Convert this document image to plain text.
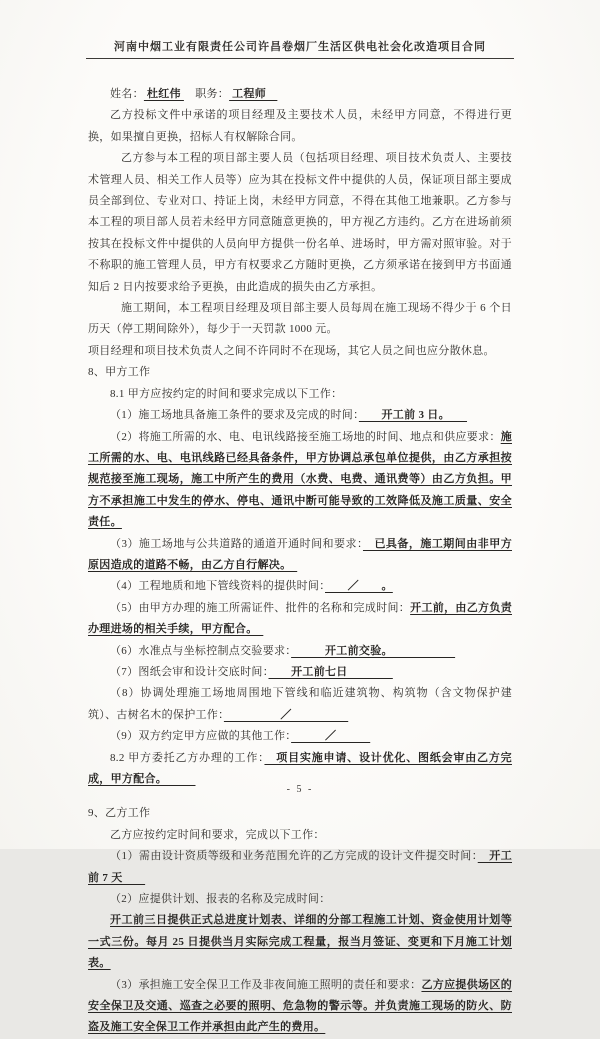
河南中烟工业有限责任公司许昌卷烟厂生活区供电社会化改造项目合同

姓名： 杜红伟 　职务： 工程师　

乙方投标文件中承诺的项目经理及主要技术人员，未经甲方同意，不得进行更换，如果擅自更换，招标人有权解除合同。

乙方参与本工程的项目部主要人员（包括项目经理、项目技术负责人、主要技术管理人员、相关工作人员等）应为其在投标文件中提供的人员，保证项目部主要成员全部到位、专业对口、持证上岗，未经甲方同意，不得在其他工地兼职。乙方参与本工程的项目部人员若未经甲方同意随意更换的，甲方视乙方违约。乙方在进场前须按其在投标文件中提供的人员向甲方提供一份名单、进场时，甲方需对照审验。对于不称职的施工管理人员，甲方有权要求乙方随时更换，乙方须承诺在接到甲方书面通知后 2 日内按要求给予更换，由此造成的损失由乙方承担。

施工期间，本工程项目经理及项目部主要人员每周在施工现场不得少于 6 个日历天（停工期间除外），每少于一天罚款 1000 元。

项目经理和项目技术负责人之间不许同时不在现场，其它人员之间也应分散休息。

8、甲方工作

8.1 甲方应按约定的时间和要求完成以下工作：

（1）施工场地具备施工条件的要求及完成的时间：　　开工前 3 日。　　

（2）将施工所需的水、电、电讯线路接至施工场地的时间、地点和供应要求：施工所需的水、电、电讯线路已经具备条件，甲方协调总承包单位提供，由乙方承担按规范接至施工现场，施工中所产生的费用（水费、电费、通讯费等）由乙方负担。甲方不承担施工中发生的停水、停电、通讯中断可能导致的工效降低及施工质量、安全责任。

（3）施工场地与公共道路的通道开通时间和要求：　已具备，施工期间由非甲方原因造成的道路不畅，由乙方自行解决。　

（4）工程地质和地下管线资料的提供时间：　　／　　。

（5）由甲方办理的施工所需证件、批件的名称和完成时间：开工前，由乙方负责办理进场的相关手续，甲方配合。　

（6）水准点与坐标控制点交验要求：　　　开工前交验。　　　　　　

（7）图纸会审和设计交底时间：　　开工前七日　　　　

（8）协调处理施工场地周围地下管线和临近建筑物、构筑物（含文物保护建筑）、古树名木的保护工作：　　　　　／　　　　　

（9）双方约定甲方应做的其他工作：　　　／　　　

8.2 甲方委托乙方办理的工作：　项目实施申请、设计优化、图纸会审由乙方完成，甲方配合。　　　

9、乙方工作

乙方应按约定时间和要求，完成以下工作：

（1）需由设计资质等级和业务范围允许的乙方完成的设计文件提交时间：　开工前 7 天　　

（2）应提供计划、报表的名称及完成时间：

开工前三日提供正式总进度计划表、详细的分部工程施工计划、资金使用计划等一式三份。每月 25 日提供当月实际完成工程量，报当月签证、变更和下月施工计划表。

（3）承担施工安全保卫工作及非夜间施工照明的责任和要求：乙方应提供场区的安全保卫及交通、巡查之必要的照明、危急物的警示等。并负责施工现场的防火、防盗及施工安全保卫工作并承担由此产生的费用。

- 5 -
